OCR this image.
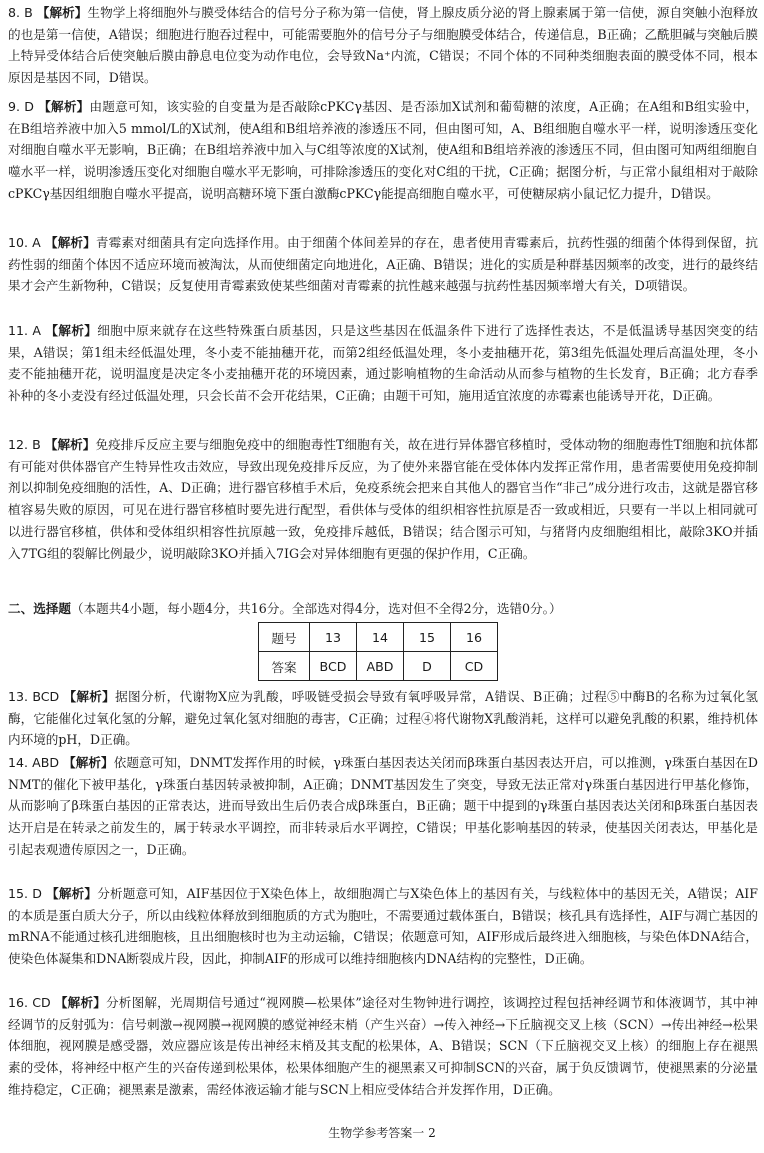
8. B 【解析】生物学上将细胞外与膜受体结合的信号分子称为第一信使，肾上腺皮质分泌的肾上腺素属于第一信使，源自突触小泡释放的也是第一信使，A错误；细胞进行胞吞过程中，可能需要胞外的信号分子与细胞膜受体结合，传递信息，B正确；乙酰胆碱与突触后膜上特异受体结合后使突触后膜由静息电位变为动作电位，会导致Na⁺内流，C错误；不同个体的不同种类细胞表面的膜受体不同，根本原因是基因不同，D错误。

9. D 【解析】由题意可知，该实验的自变量为是否敲除cPKCγ基因、是否添加X试剂和葡萄糖的浓度，A正确；在A组和B组实验中，在B组培养液中加入5 mmol/L的X试剂，使A组和B组培养液的渗透压不同，但由图可知，A、B组细胞自噬水平一样，说明渗透压变化对细胞自噬水平无影响，B正确；在B组培养液中加入与C组等浓度的X试剂，使A组和B组培养液的渗透压不同，但由图可知两组细胞自噬水平一样，说明渗透压变化对细胞自噬水平无影响，可排除渗透压的变化对C组的干扰，C正确；据图分析，与正常小鼠组相对于敲除cPKCγ基因组细胞自噬水平提高，说明高糖环境下蛋白激酶cPKCγ能提高细胞自噬水平，可使糖尿病小鼠记忆力提升，D错误。

10. A 【解析】青霉素对细菌具有定向选择作用。由于细菌个体间差异的存在，患者使用青霉素后，抗药性强的细菌个体得到保留，抗药性弱的细菌个体因不适应环境而被淘汰，从而使细菌定向地进化，A正确、B错误；进化的实质是种群基因频率的改变，进行的最终结果才会产生新物种，C错误；反复使用青霉素致使某些细菌对青霉素的抗性越来越强与抗药性基因频率增大有关，D项错误。

11. A 【解析】细胞中原来就存在这些特殊蛋白质基因，只是这些基因在低温条件下进行了选择性表达，不是低温诱导基因突变的结果，A错误；第1组未经低温处理，冬小麦不能抽穗开花，而第2组经低温处理，冬小麦抽穗开花，第3组先低温处理后高温处理，冬小麦不能抽穗开花，说明温度是决定冬小麦抽穗开花的环境因素，通过影响植物的生命活动从而参与植物的生长发育，B正确；北方春季补种的冬小麦没有经过低温处理，只会长苗不会开花结果，C正确；由题干可知，施用适宜浓度的赤霉素也能诱导开花，D正确。

12. B 【解析】免疫排斥反应主要与细胞免疫中的细胞毒性T细胞有关，故在进行异体器官移植时，受体动物的细胞毒性T细胞和抗体都有可能对供体器官产生特异性攻击效应，导致出现免疫排斥反应，为了使外来器官能在受体体内发挥正常作用，患者需要使用免疫抑制剂以抑制免疫细胞的活性，A、D正确；进行器官移植手术后，免疫系统会把来自其他人的器官当作“非己”成分进行攻击，这就是器官移植容易失败的原因，可见在进行器官移植时要先进行配型，看供体与受体的组织相容性抗原是否一致或相近，只要有一半以上相同就可以进行器官移植，供体和受体组织相容性抗原越一致，免疫排斥越低，B错误；结合图示可知，与猪肾内皮细胞组相比，敲除3KO并插入7TG组的裂解比例最少，说明敲除3KO并插入7IG会对异体细胞有更强的保护作用，C正确。

二、选择题（本题共4小题，每小题4分，共16分。全部选对得4分，选对但不全得2分，选错0分。）
题号	13	14	15	16
答案	BCD	ABD	D	CD

13. BCD 【解析】据图分析，代谢物X应为乳酸，呼吸链受损会导致有氧呼吸异常，A错误、B正确；过程⑤中酶B的名称为过氧化氢酶，它能催化过氧化氢的分解，避免过氧化氢对细胞的毒害，C正确；过程④将代谢物X乳酸消耗，这样可以避免乳酸的积累，维持机体内环境的pH，D正确。

14. ABD 【解析】依题意可知，DNMT发挥作用的时候，γ珠蛋白基因表达关闭而β珠蛋白基因表达开启，可以推测，γ珠蛋白基因在DNMT的催化下被甲基化，γ珠蛋白基因转录被抑制，A正确；DNMT基因发生了突变，导致无法正常对γ珠蛋白基因进行甲基化修饰，从而影响了β珠蛋白基因的正常表达，进而导致出生后仍表合成β珠蛋白，B正确；题干中提到的γ珠蛋白基因表达关闭和β珠蛋白基因表达开启是在转录之前发生的，属于转录水平调控，而非转录后水平调控，C错误；甲基化影响基因的转录，使基因关闭表达，甲基化是引起表观遗传原因之一，D正确。

15. D 【解析】分析题意可知，AIF基因位于X染色体上，故细胞凋亡与X染色体上的基因有关，与线粒体中的基因无关，A错误；AIF的本质是蛋白质大分子，所以由线粒体释放到细胞质的方式为胞吐，不需要通过载体蛋白，B错误；核孔具有选择性，AIF与凋亡基因的mRNA不能通过核孔进细胞核，且出细胞核时也为主动运输，C错误；依题意可知，AIF形成后最终进入细胞核，与染色体DNA结合，使染色体凝集和DNA断裂成片段，因此，抑制AIF的形成可以维持细胞核内DNA结构的完整性，D正确。

16. CD 【解析】分析图解，光周期信号通过“视网膜—松果体”途径对生物钟进行调控，该调控过程包括神经调节和体液调节，其中神经调节的反射弧为：信号刺激→视网膜→视网膜的感觉神经末梢（产生兴奋）→传入神经→下丘脑视交叉上核（SCN）→传出神经→松果体细胞，视网膜是感受器，效应器应该是传出神经末梢及其支配的松果体，A、B错误；SCN（下丘脑视交叉上核）的细胞上存在褪黑素的受体，将神经中枢产生的兴奋传递到松果体，松果体细胞产生的褪黑素又可抑制SCN的兴奋，属于负反馈调节，使褪黑素的分泌量维持稳定，C正确；褪黑素是激素，需经体液运输才能与SCN上相应受体结合并发挥作用，D正确。

生物学参考答案一 2
